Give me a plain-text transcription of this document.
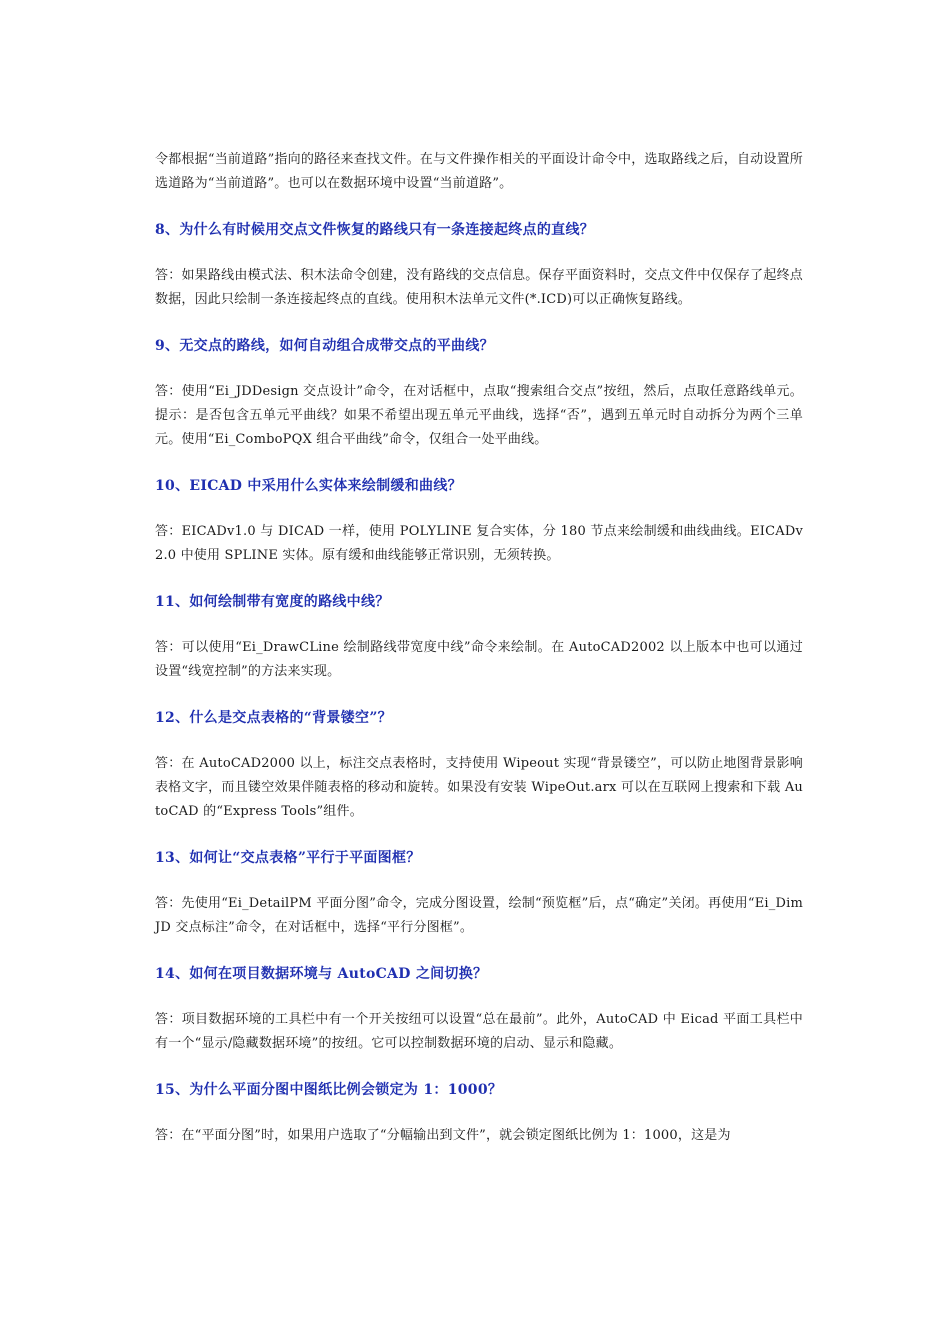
令都根据“当前道路”指向的路径来查找文件。在与文件操作相关的平面设计命令中，选取路线之后，自动设置所选道路为“当前道路”。也可以在数据环境中设置“当前道路”。

8、为什么有时候用交点文件恢复的路线只有一条连接起终点的直线？

答：如果路线由模式法、积木法命令创建，没有路线的交点信息。保存平面资料时，交点文件中仅保存了起终点数据，因此只绘制一条连接起终点的直线。使用积木法单元文件(*.ICD)可以正确恢复路线。

9、无交点的路线，如何自动组合成带交点的平曲线？

答：使用“Ei_JDDesign 交点设计”命令，在对话框中，点取“搜索组合交点”按纽，然后，点取任意路线单元。提示：是否包含五单元平曲线？如果不希望出现五单元平曲线，选择“否”，遇到五单元时自动拆分为两个三单元。使用“Ei_ComboPQX 组合平曲线”命令，仅组合一处平曲线。

10、EICAD 中采用什么实体来绘制缓和曲线？

答：EICADv1.0 与 DICAD 一样，使用 POLYLINE 复合实体，分 180 节点来绘制缓和曲线曲线。EICADv2.0 中使用 SPLINE 实体。原有缓和曲线能够正常识别，无须转换。

11、如何绘制带有宽度的路线中线？

答：可以使用“Ei_DrawCLine 绘制路线带宽度中线”命令来绘制。在 AutoCAD2002 以上版本中也可以通过设置“线宽控制”的方法来实现。

12、什么是交点表格的“背景镂空”？

答：在 AutoCAD2000 以上，标注交点表格时，支持使用 Wipeout 实现“背景镂空”，可以防止地图背景影响表格文字，而且镂空效果伴随表格的移动和旋转。如果没有安装 WipeOut.arx 可以在互联网上搜索和下载 AutoCAD 的“Express Tools”组件。

13、如何让“交点表格”平行于平面图框？

答：先使用“Ei_DetailPM 平面分图”命令，完成分图设置，绘制“预览框”后，点“确定”关闭。再使用“Ei_DimJD 交点标注”命令，在对话框中，选择“平行分图框”。

14、如何在项目数据环境与 AutoCAD 之间切换？

答：项目数据环境的工具栏中有一个开关按纽可以设置“总在最前”。此外，AutoCAD 中 Eicad 平面工具栏中有一个“显示/隐藏数据环境”的按纽。它可以控制数据环境的启动、显示和隐藏。

15、为什么平面分图中图纸比例会锁定为 1：1000？

答：在“平面分图”时，如果用户选取了“分幅输出到文件”，就会锁定图纸比例为 1：1000，这是为
